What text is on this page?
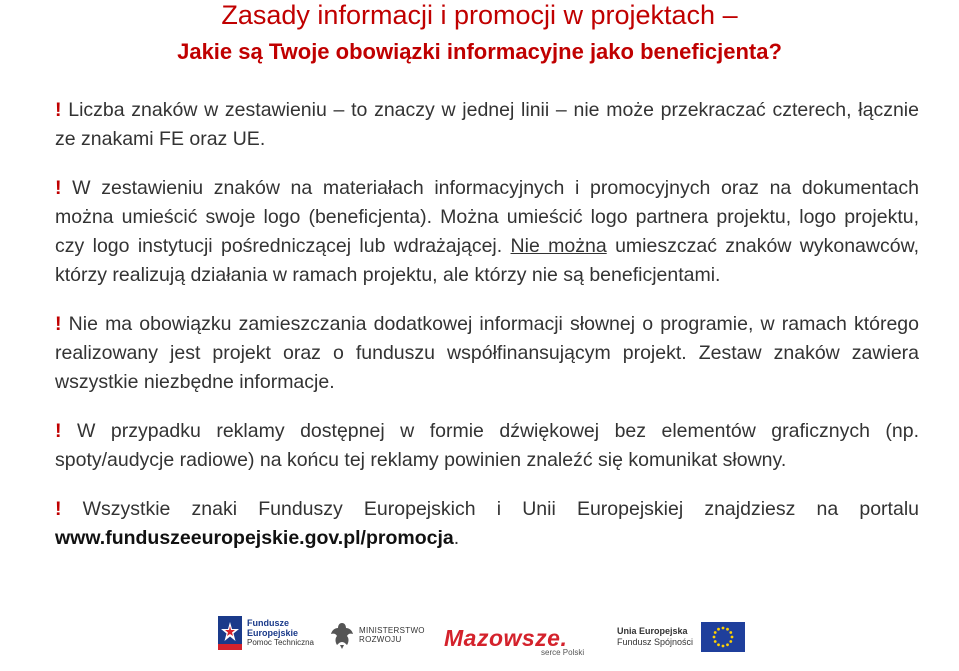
Zasady informacji i promocji w projektach –
Jakie są Twoje obowiązki informacyjne jako beneficjenta?

! Liczba znaków w zestawieniu – to znaczy w jednej linii – nie może przekraczać czterech, łącznie ze znakami FE oraz UE.

! W zestawieniu znaków na materiałach informacyjnych i promocyjnych oraz na dokumentach można umieścić swoje logo (beneficjenta). Można umieścić logo partnera projektu, logo projektu, czy logo instytucji pośredniczącej lub wdrażającej. Nie można umieszczać znaków wykonawców, którzy realizują działania w ramach projektu, ale którzy nie są beneficjentami.

! Nie ma obowiązku zamieszczania dodatkowej informacji słownej o programie, w ramach którego realizowany jest projekt oraz o funduszu współfinansującym projekt. Zestaw znaków zawiera wszystkie niezbędne informacje.

! W przypadku reklamy dostępnej w formie dźwiękowej bez elementów graficznych (np. spoty/audycje radiowe) na końcu tej reklamy powinien znaleźć się komunikat słowny.

! Wszystkie znaki Funduszy Europejskich i Unii Europejskiej znajdziesz na portalu www.funduszeeuropejskie.gov.pl/promocja.

Fundusze
Europejskie
Pomoc Techniczna
MINISTERSTWO
ROZWOJU	Mazowsze.
serce Polski
Unia Europejska
Fundusz Spójności
